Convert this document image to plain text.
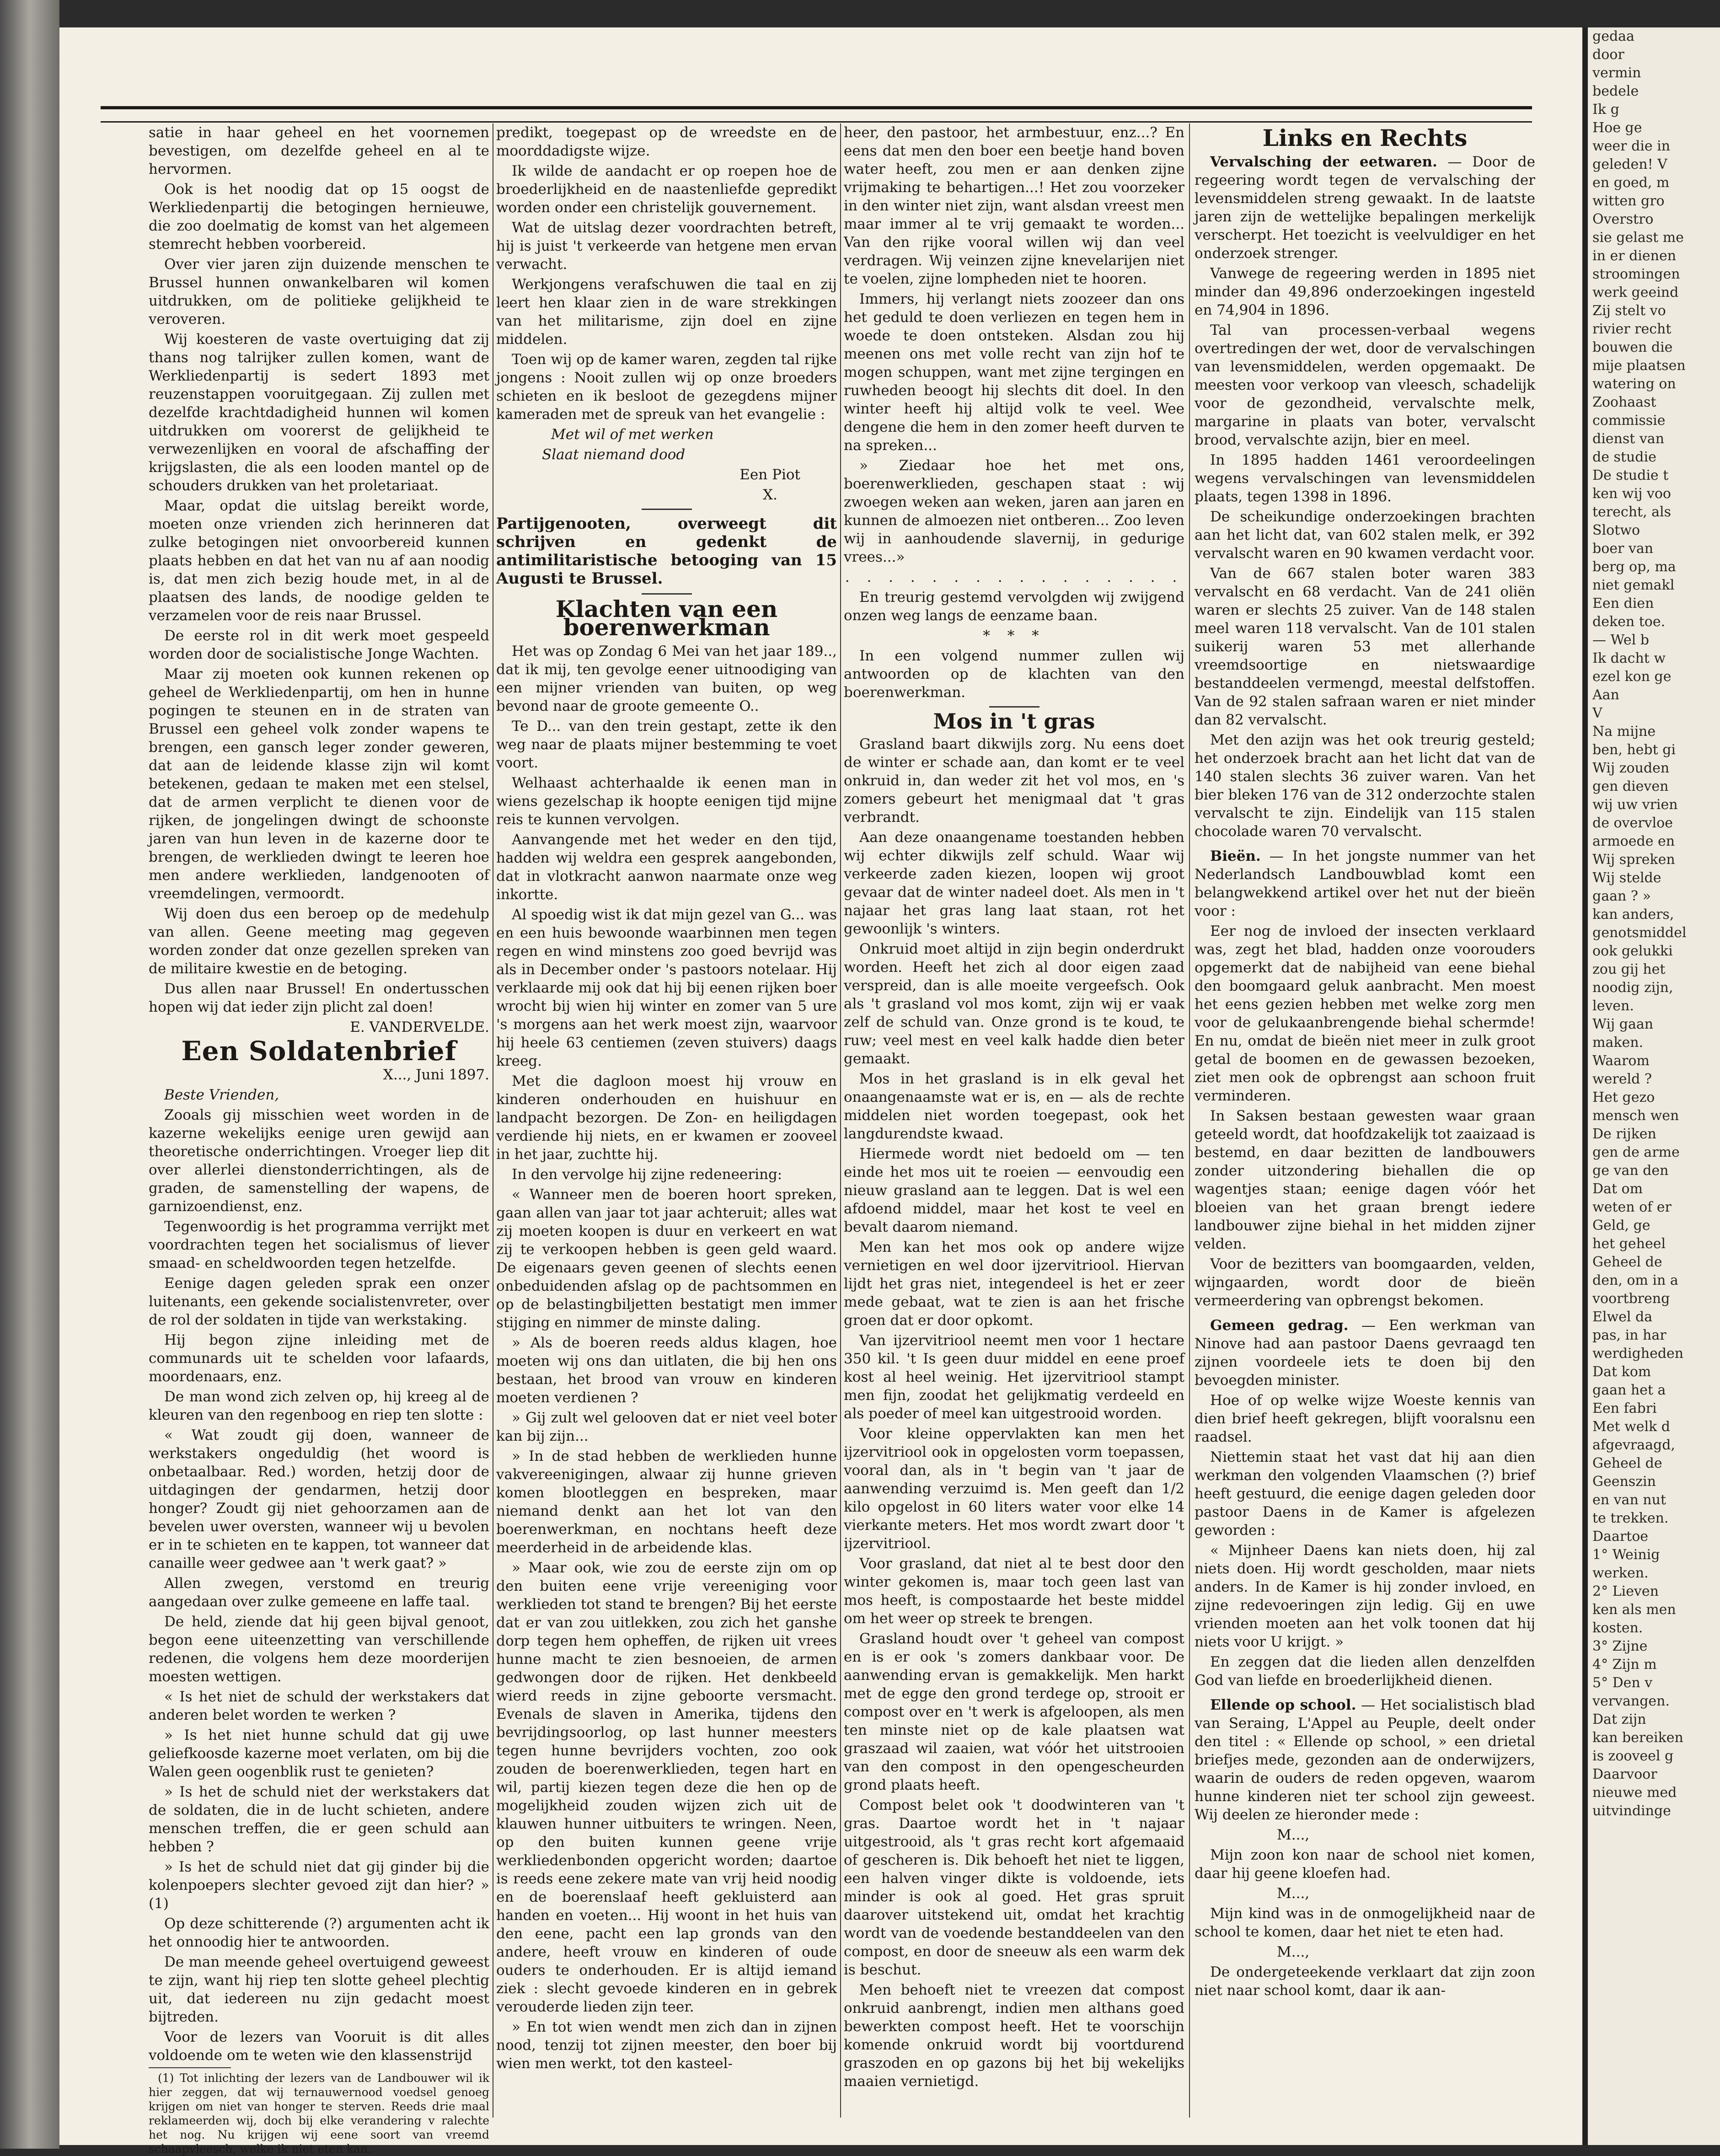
satie in haar geheel en het voornemen bevestigen, om dezelfde geheel en al te hervormen.

Ook is het noodig dat op 15 oogst de Werkliedenpartij die betogingen hernieuwe, die zoo doelmatig de komst van het algemeen stemrecht hebben voorbereid.

Over vier jaren zijn duizende menschen te Brussel hunnen onwankelbaren wil komen uitdrukken, om de politieke gelijkheid te veroveren.

Wij koesteren de vaste overtuiging dat zij thans nog talrijker zullen komen, want de Werkliedenpartij is sedert 1893 met reuzenstappen vooruitgegaan. Zij zullen met dezelfde krachtdadigheid hunnen wil komen uitdrukken om voorerst de gelijkheid te verwezenlijken en vooral de afschaffing der krijgslasten, die als een looden mantel op de schouders drukken van het proletariaat.

Maar, opdat die uitslag bereikt worde, moeten onze vrienden zich herinneren dat zulke betogingen niet onvoorbereid kunnen plaats hebben en dat het van nu af aan noodig is, dat men zich bezig houde met, in al de plaatsen des lands, de noodige gelden te verzamelen voor de reis naar Brussel.

De eerste rol in dit werk moet gespeeld worden door de socialistische Jonge Wachten.

Maar zij moeten ook kunnen rekenen op geheel de Werkliedenpartij, om hen in hunne pogingen te steunen en in de straten van Brussel een geheel volk zonder wapens te brengen, een gansch leger zonder geweren, dat aan de leidende klasse zijn wil komt betekenen, gedaan te maken met een stelsel, dat de armen verplicht te dienen voor de rijken, de jongelingen dwingt de schoonste jaren van hun leven in de kazerne door te brengen, de werklieden dwingt te leeren hoe men andere werklieden, landgenooten of vreemdelingen, vermoordt.

Wij doen dus een beroep op de medehulp van allen. Geene meeting mag gegeven worden zonder dat onze gezellen spreken van de militaire kwestie en de betoging.

Dus allen naar Brussel! En ondertusschen hopen wij dat ieder zijn plicht zal doen!

E. VANDERVELDE.

Een Soldatenbrief

X..., Juni 1897.

Beste Vrienden,

Zooals gij misschien weet worden in de kazerne wekelijks eenige uren gewijd aan theoretische onderrichtingen. Vroeger liep dit over allerlei dienstonderrichtingen, als de graden, de samenstelling der wapens, de garnizoendienst, enz.

Tegenwoordig is het programma verrijkt met voordrachten tegen het socialismus of liever smaad- en scheldwoorden tegen hetzelfde.

Eenige dagen geleden sprak een onzer luitenants, een gekende socialistenvreter, over de rol der soldaten in tijde van werkstaking.

Hij begon zijne inleiding met de communards uit te schelden voor lafaards, moordenaars, enz.

De man wond zich zelven op, hij kreeg al de kleuren van den regenboog en riep ten slotte :

« Wat zoudt gij doen, wanneer de werkstakers ongeduldig (het woord is onbetaalbaar. Red.) worden, hetzij door de uitdagingen der gendarmen, hetzij door honger? Zoudt gij niet gehoorzamen aan de bevelen uwer oversten, wanneer wij u bevolen er in te schieten en te kappen, tot wanneer dat canaille weer gedwee aan 't werk gaat? »

Allen zwegen, verstomd en treurig aangedaan over zulke gemeene en laffe taal.

De held, ziende dat hij geen bijval genoot, begon eene uiteenzetting van verschillende redenen, die volgens hem deze moorderijen moesten wettigen.

« Is het niet de schuld der werkstakers dat anderen belet worden te werken ?

» Is het niet hunne schuld dat gij uwe geliefkoosde kazerne moet verlaten, om bij die Walen geen oogenblik rust te genieten?

» Is het de schuld niet der werkstakers dat de soldaten, die in de lucht schieten, andere menschen treffen, die er geen schuld aan hebben ?

» Is het de schuld niet dat gij ginder bij die kolenpoepers slechter gevoed zijt dan hier? » (1)

Op deze schitterende (?) argumenten acht ik het onnoodig hier te antwoorden.

De man meende geheel overtuigend geweest te zijn, want hij riep ten slotte geheel plechtig uit, dat iedereen nu zijn gedacht moest bijtreden.

Voor de lezers van Vooruit is dit alles voldoende om te weten wie den klassenstrijd

(1) Tot inlichting der lezers van de Landbouwer wil ik hier zeggen, dat wij ternauwernood voedsel genoeg krijgen om niet van honger te sterven. Reeds drie maal reklameerden wij, doch bij elke verandering v ralechte het nog. Nu krijgen wij eene soort van vreemd schaapvleesch, welke ik niet eten kan.

predikt, toegepast op de wreedste en de moorddadigste wijze.

Ik wilde de aandacht er op roepen hoe de broederlijkheid en de naastenliefde gepredikt worden onder een christelijk gouvernement.

Wat de uitslag dezer voordrachten betreft, hij is juist 't verkeerde van hetgene men ervan verwacht.

Werkjongens verafschuwen die taal en zij leert hen klaar zien in de ware strekkingen van het militarisme, zijn doel en zijne middelen.

Toen wij op de kamer waren, zegden tal rijke jongens : Nooit zullen wij op onze broeders schieten en ik besloot de gezegdens mijner kameraden met de spreuk van het evangelie :

Met wil of met werken

Slaat niemand dood

Een Piot

X.

Partijgenooten, overweegt dit schrijven en gedenkt de antimilitaristische betooging van 15 Augusti te Brussel.

Klachten van een boerenwerkman

Het was op Zondag 6 Mei van het jaar 189.., dat ik mij, ten gevolge eener uitnoodiging van een mijner vrienden van buiten, op weg bevond naar de groote gemeente O..

Te D... van den trein gestapt, zette ik den weg naar de plaats mijner bestemming te voet voort.

Welhaast achterhaalde ik eenen man in wiens gezelschap ik hoopte eenigen tijd mijne reis te kunnen vervolgen.

Aanvangende met het weder en den tijd, hadden wij weldra een gesprek aangebonden, dat in vlotkracht aanwon naarmate onze weg inkortte.

Al spoedig wist ik dat mijn gezel van G... was en een huis bewoonde waarbinnen men tegen regen en wind minstens zoo goed bevrijd was als in December onder 's pastoors notelaar. Hij verklaarde mij ook dat hij bij eenen rijken boer wrocht bij wien hij winter en zomer van 5 ure 's morgens aan het werk moest zijn, waarvoor hij heele 63 centiemen (zeven stuivers) daags kreeg.

Met die dagloon moest hij vrouw en kinderen onderhouden en huishuur en landpacht bezorgen. De Zon- en heiligdagen verdiende hij niets, en er kwamen er zooveel in het jaar, zuchtte hij.

In den vervolge hij zijne redeneering:

« Wanneer men de boeren hoort spreken, gaan allen van jaar tot jaar achteruit; alles wat zij moeten koopen is duur en verkeert en wat zij te verkoopen hebben is geen geld waard. De eigenaars geven geenen of slechts eenen onbeduidenden afslag op de pachtsommen en op de belastingbiljetten bestatigt men immer stijging en nimmer de minste daling.

» Als de boeren reeds aldus klagen, hoe moeten wij ons dan uitlaten, die bij hen ons bestaan, het brood van vrouw en kinderen moeten verdienen ?

» Gij zult wel gelooven dat er niet veel boter kan bij zijn...

» In de stad hebben de werklieden hunne vakvereenigingen, alwaar zij hunne grieven komen blootleggen en bespreken, maar niemand denkt aan het lot van den boerenwerkman, en nochtans heeft deze meerderheid in de arbeidende klas.

» Maar ook, wie zou de eerste zijn om op den buiten eene vrije vereeniging voor werklieden tot stand te brengen? Bij het eerste dat er van zou uitlekken, zou zich het ganshe dorp tegen hem opheffen, de rijken uit vrees hunne macht te zien besnoeien, de armen gedwongen door de rijken. Het denkbeeld wierd reeds in zijne geboorte versmacht. Evenals de slaven in Amerika, tijdens den bevrijdingsoorlog, op last hunner meesters tegen hunne bevrijders vochten, zoo ook zouden de boerenwerklieden, tegen hart en wil, partij kiezen tegen deze die hen op de mogelijkheid zouden wijzen zich uit de klauwen hunner uitbuiters te wringen. Neen, op den buiten kunnen geene vrije werkliedenbonden opgericht worden; daartoe is reeds eene zekere mate van vrij heid noodig en de boerenslaaf heeft gekluisterd aan handen en voeten... Hij woont in het huis van den eene, pacht een lap gronds van den andere, heeft vrouw en kinderen of oude ouders te onderhouden. Er is altijd iemand ziek : slecht gevoede kinderen en in gebrek verouderde lieden zijn teer.

» En tot wien wendt men zich dan in zijnen nood, tenzij tot zijnen meester, den boer bij wien men werkt, tot den kasteel-

heer, den pastoor, het armbestuur, enz...? En eens dat men den boer een beetje hand boven water heeft, zou men er aan denken zijne vrijmaking te behartigen...! Het zou voorzeker in den winter niet zijn, want alsdan vreest men maar immer al te vrij gemaakt te worden... Van den rijke vooral willen wij dan veel verdragen. Wij veinzen zijne knevelarijen niet te voelen, zijne lompheden niet te hooren.

Immers, hij verlangt niets zoozeer dan ons het geduld te doen verliezen en tegen hem in woede te doen ontsteken. Alsdan zou hij meenen ons met volle recht van zijn hof te mogen schuppen, want met zijne tergingen en ruwheden beoogt hij slechts dit doel. In den winter heeft hij altijd volk te veel. Wee dengene die hem in den zomer heeft durven te na spreken...

» Ziedaar hoe het met ons, boerenwerklieden, geschapen staat : wij zwoegen weken aan weken, jaren aan jaren en kunnen de almoezen niet ontberen... Zoo leven wij in aanhoudende slavernij, in gedurige vrees...»

. . . . . . . . . . . . . . . .

En treurig gestemd vervolgden wij zwijgend onzen weg langs de eenzame baan.

* * *

In een volgend nummer zullen wij antwoorden op de klachten van den boerenwerkman.

Mos in 't gras

Grasland baart dikwijls zorg. Nu eens doet de winter er schade aan, dan komt er te veel onkruid in, dan weder zit het vol mos, en 's zomers gebeurt het menigmaal dat 't gras verbrandt.

Aan deze onaangename toestanden hebben wij echter dikwijls zelf schuld. Waar wij verkeerde zaden kiezen, loopen wij groot gevaar dat de winter nadeel doet. Als men in 't najaar het gras lang laat staan, rot het gewoonlijk 's winters.

Onkruid moet altijd in zijn begin onderdrukt worden. Heeft het zich al door eigen zaad verspreid, dan is alle moeite vergeefsch. Ook als 't grasland vol mos komt, zijn wij er vaak zelf de schuld van. Onze grond is te koud, te ruw; veel mest en veel kalk hadde dien beter gemaakt.

Mos in het grasland is in elk geval het onaangenaamste wat er is, en — als de rechte middelen niet worden toegepast, ook het langdurendste kwaad.

Hiermede wordt niet bedoeld om — ten einde het mos uit te roeien — eenvoudig een nieuw grasland aan te leggen. Dat is wel een afdoend middel, maar het kost te veel en bevalt daarom niemand.

Men kan het mos ook op andere wijze vernietigen en wel door ijzervitriool. Hiervan lijdt het gras niet, integendeel is het er zeer mede gebaat, wat te zien is aan het frische groen dat er door opkomt.

Van ijzervitriool neemt men voor 1 hectare 350 kil. 't Is geen duur middel en eene proef kost al heel weinig. Het ijzervitriool stampt men fijn, zoodat het gelijkmatig verdeeld en als poeder of meel kan uitgestrooid worden.

Voor kleine oppervlakten kan men het ijzervitriool ook in opgelosten vorm toepassen, vooral dan, als in 't begin van 't jaar de aanwending verzuimd is. Men geeft dan 1/2 kilo opgelost in 60 liters water voor elke 14 vierkante meters. Het mos wordt zwart door 't ijzervitriool.

Voor grasland, dat niet al te best door den winter gekomen is, maar toch geen last van mos heeft, is compostaarde het beste middel om het weer op streek te brengen.

Grasland houdt over 't geheel van compost en is er ook 's zomers dankbaar voor. De aanwending ervan is gemakkelijk. Men harkt met de egge den grond terdege op, strooit er compost over en 't werk is afgeloopen, als men ten minste niet op de kale plaatsen wat graszaad wil zaaien, wat vóór het uitstrooien van den compost in den opengescheurden grond plaats heeft.

Compost belet ook 't doodwinteren van 't gras. Daartoe wordt het in 't najaar uitgestrooid, als 't gras recht kort afgemaaid of gescheren is. Dik behoeft het niet te liggen, een halven vinger dikte is voldoende, iets minder is ook al goed. Het gras spruit daarover uitstekend uit, omdat het krachtig wordt van de voedende bestanddeelen van den compost, en door de sneeuw als een warm dek is beschut.

Men behoeft niet te vreezen dat compost onkruid aanbrengt, indien men althans goed bewerkten compost heeft. Het te voorschijn komende onkruid wordt bij voortdurend graszoden en op gazons bij het bij wekelijks maaien vernietigd.

Links en Rechts

Vervalsching der eetwaren. — Door de regeering wordt tegen de vervalsching der levensmiddelen streng gewaakt. In de laatste jaren zijn de wettelijke bepalingen merkelijk verscherpt. Het toezicht is veelvuldiger en het onderzoek strenger.

Vanwege de regeering werden in 1895 niet minder dan 49,896 onderzoekingen ingesteld en 74,904 in 1896.

Tal van processen-verbaal wegens overtredingen der wet, door de vervalschingen van levensmiddelen, werden opgemaakt. De meesten voor verkoop van vleesch, schadelijk voor de gezondheid, vervalschte melk, margarine in plaats van boter, vervalscht brood, vervalschte azijn, bier en meel.

In 1895 hadden 1461 veroordeelingen wegens vervalschingen van levensmiddelen plaats, tegen 1398 in 1896.

De scheikundige onderzoekingen brachten aan het licht dat, van 602 stalen melk, er 392 vervalscht waren en 90 kwamen verdacht voor.

Van de 667 stalen boter waren 383 vervalscht en 68 verdacht. Van de 241 oliën waren er slechts 25 zuiver. Van de 148 stalen meel waren 118 vervalscht. Van de 101 stalen suikerij waren 53 met allerhande vreemdsoortige en nietswaardige bestanddeelen vermengd, meestal delfstoffen. Van de 92 stalen safraan waren er niet minder dan 82 vervalscht.

Met den azijn was het ook treurig gesteld; het onderzoek bracht aan het licht dat van de 140 stalen slechts 36 zuiver waren. Van het bier bleken 176 van de 312 onderzochte stalen vervalscht te zijn. Eindelijk van 115 stalen chocolade waren 70 vervalscht.

Bieën. — In het jongste nummer van het Nederlandsch Landbouwblad komt een belangwekkend artikel over het nut der bieën voor :

Eer nog de invloed der insecten verklaard was, zegt het blad, hadden onze voorouders opgemerkt dat de nabijheid van eene biehal den boomgaard geluk aanbracht. Men moest het eens gezien hebben met welke zorg men voor de gelukaanbrengende biehal schermde! En nu, omdat de bieën niet meer in zulk groot getal de boomen en de gewassen bezoeken, ziet men ook de opbrengst aan schoon fruit verminderen.

In Saksen bestaan gewesten waar graan geteeld wordt, dat hoofdzakelijk tot zaaizaad is bestemd, en daar bezitten de landbouwers zonder uitzondering biehallen die op wagentjes staan; eenige dagen vóór het bloeien van het graan brengt iedere landbouwer zijne biehal in het midden zijner velden.

Voor de bezitters van boomgaarden, velden, wijngaarden, wordt door de bieën vermeerdering van opbrengst bekomen.

Gemeen gedrag. — Een werkman van Ninove had aan pastoor Daens gevraagd ten zijnen voordeele iets te doen bij den bevoegden minister.

Hoe of op welke wijze Woeste kennis van dien brief heeft gekregen, blijft vooralsnu een raadsel.

Niettemin staat het vast dat hij aan dien werkman den volgenden Vlaamschen (?) brief heeft gestuurd, die eenige dagen geleden door pastoor Daens in de Kamer is afgelezen geworden :

« Mijnheer Daens kan niets doen, hij zal niets doen. Hij wordt gescholden, maar niets anders. In de Kamer is hij zonder invloed, en zijne redevoeringen zijn ledig. Gij en uwe vrienden moeten aan het volk toonen dat hij niets voor U krijgt. »

En zeggen dat die lieden allen denzelfden God van liefde en broederlijkheid dienen.

Ellende op school. — Het socialistisch blad van Seraing, L'Appel au Peuple, deelt onder den titel : « Ellende op school, » een drietal briefjes mede, gezonden aan de onderwijzers, waarin de ouders de reden opgeven, waarom hunne kinderen niet ter school zijn geweest. Wij deelen ze hieronder mede :

M...,

Mijn zoon kon naar de school niet komen, daar hij geene kloefen had.

M...,

Mijn kind was in de onmogelijkheid naar de school te komen, daar het niet te eten had.

M...,

De ondergeteekende verklaart dat zijn zoon niet naar school komt, daar ik aan-

gedaa
door
vermin
bedele
Ik g
Hoe ge
weer die in
geleden! V
en goed, m
witten gro
Overstro
sie gelast me
in er dienen
stroomingen
werk geeind
Zij stelt vo
rivier recht
bouwen die
mije plaatsen
watering on
Zoohaast
commissie
dienst van
de studie
De studie t
ken wij voo
terecht, als
Slotwo
boer van
berg op, ma
niet gemakl
Een dien
deken toe.
— Wel b
Ik dacht w
ezel kon ge
Aan
V
Na mijne
ben, hebt gi
Wij zouden
gen dieven
wij uw vrien
de overvloe
armoede en
Wij spreken
Wij stelde
gaan ? »
kan anders,
genotsmiddel
ook gelukki
zou gij het
noodig zijn,
leven.
Wij gaan
maken.
Waarom
wereld ?
Het gezo
mensch wen
De rijken
gen de arme
ge van den
Dat om
weten of er
Geld, ge
het geheel
Geheel de
den, om in a
voortbreng
Elwel da
pas, in har
werdigheden
Dat kom
gaan het a
Een fabri
Met welk d
afgevraagd,
Geheel de
Geenszin
en van nut
te trekken.
Daartoe
1° Weinig
werken.
2° Lieven
ken als men
kosten.
3° Zijne
4° Zijn m
5° Den v
vervangen.
Dat zijn
kan bereiken
is zooveel g
Daarvoor
nieuwe med
uitvindinge
